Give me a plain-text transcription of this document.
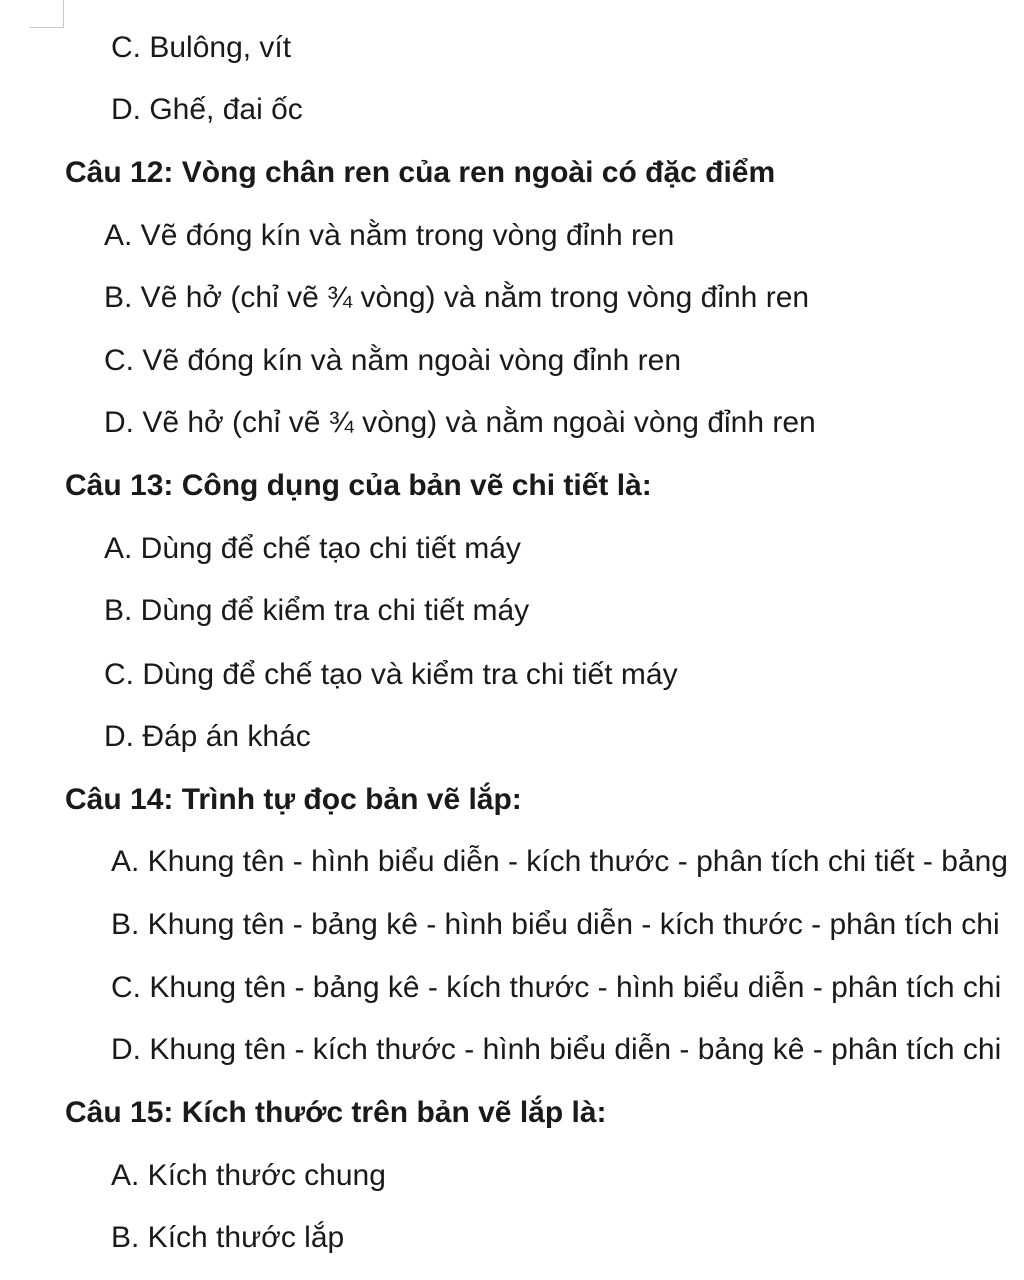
C. Bulông, vít
D. Ghế, đai ốc
Câu 12: Vòng chân ren của ren ngoài có đặc điểm
A. Vẽ đóng kín và nằm trong vòng đỉnh ren
B. Vẽ hở (chỉ vẽ ¾ vòng) và nằm trong vòng đỉnh ren
C. Vẽ đóng kín và nằm ngoài vòng đỉnh ren
D. Vẽ hở (chỉ vẽ ¾ vòng) và nằm ngoài vòng đỉnh ren
Câu 13: Công dụng của bản vẽ chi tiết là:
A. Dùng để chế tạo chi tiết máy
B. Dùng để kiểm tra chi tiết máy
C. Dùng để chế tạo và kiểm tra chi tiết máy
D. Đáp án khác
Câu 14: Trình tự đọc bản vẽ lắp:
A. Khung tên - hình biểu diễn - kích thước - phân tích chi tiết - bảng
B. Khung tên - bảng kê - hình biểu diễn - kích thước - phân tích chi
C. Khung tên - bảng kê - kích thước - hình biểu diễn - phân tích chi
D. Khung tên - kích thước - hình biểu diễn - bảng kê - phân tích chi
Câu 15: Kích thước trên bản vẽ lắp là:
A. Kích thước chung
B. Kích thước lắp
